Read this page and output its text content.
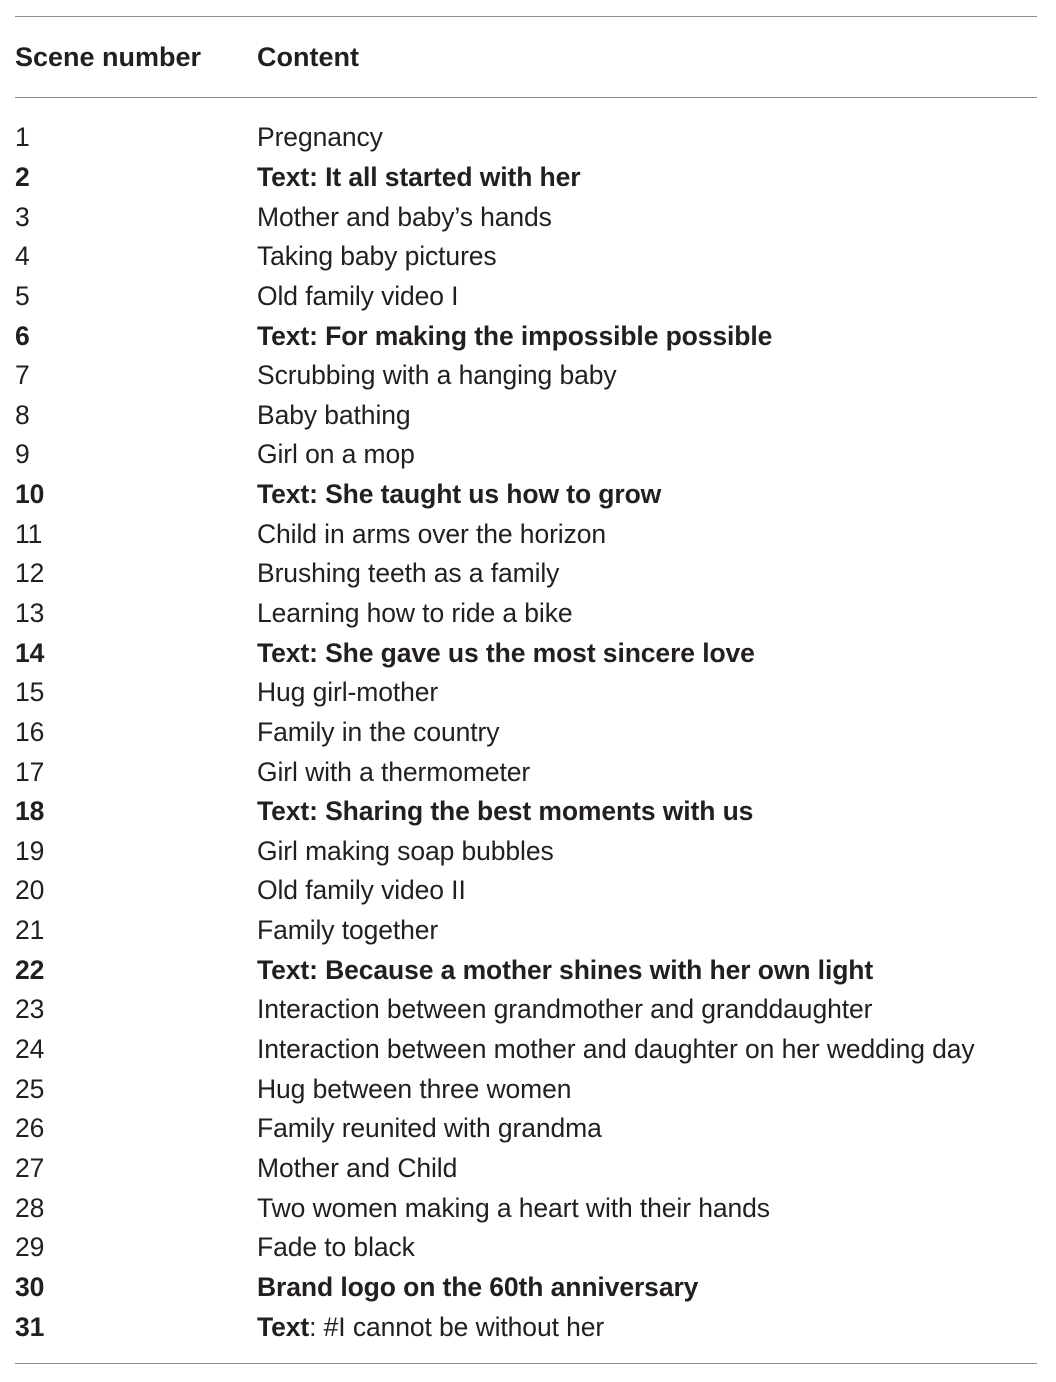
Scene number	Content
1	Pregnancy
2	Text: It all started with her
3	Mother and baby’s hands
4	Taking baby pictures
5	Old family video I
6	Text: For making the impossible possible
7	Scrubbing with a hanging baby
8	Baby bathing
9	Girl on a mop
10	Text: She taught us how to grow
11	Child in arms over the horizon
12	Brushing teeth as a family
13	Learning how to ride a bike
14	Text: She gave us the most sincere love
15	Hug girl-mother
16	Family in the country
17	Girl with a thermometer
18	Text: Sharing the best moments with us
19	Girl making soap bubbles
20	Old family video II
21	Family together
22	Text: Because a mother shines with her own light
23	Interaction between grandmother and granddaughter
24	Interaction between mother and daughter on her wedding day
25	Hug between three women
26	Family reunited with grandma
27	Mother and Child
28	Two women making a heart with their hands
29	Fade to black
30	Brand logo on the 60th anniversary
31	Text: #I cannot be without her
